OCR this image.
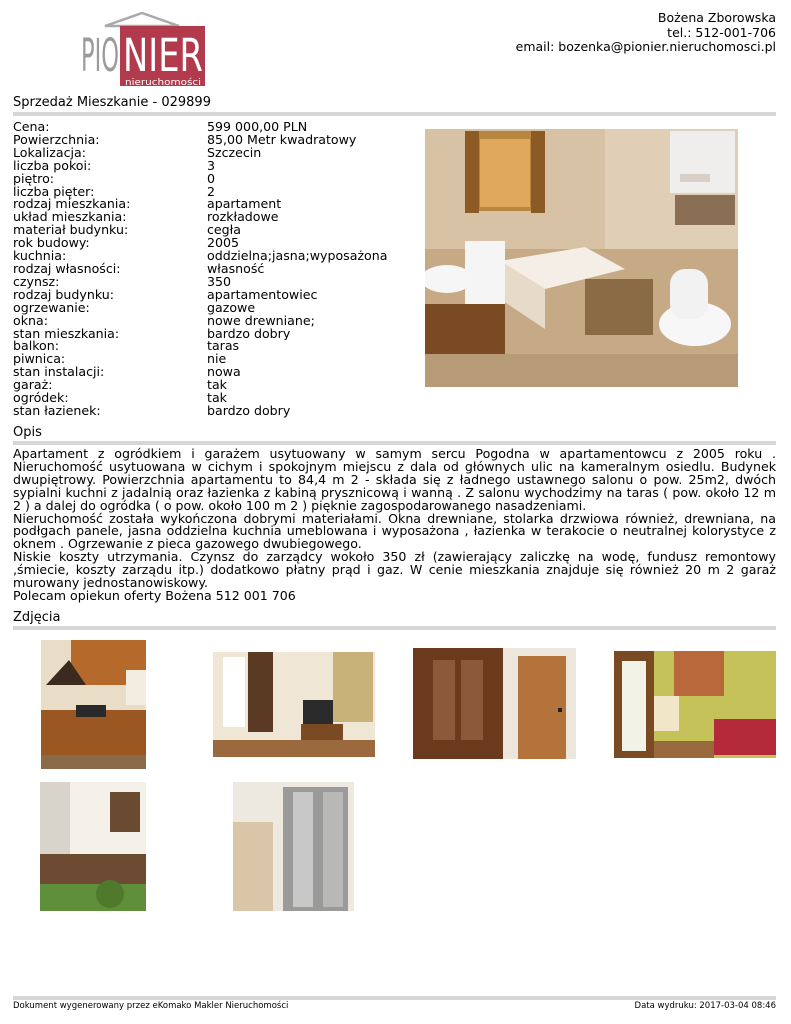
PIO NIER
nieruchomości
Bożena Zborowska
tel.: 512-001-706
email: bozenka@pionier.nieruchomosci.pl
Sprzedaż Mieszkanie - 029899
Cena:	599 000,00 PLN
Powierzchnia:	85,00 Metr kwadratowy
Lokalizacja:	Szczecin
liczba pokoi:	3
piętro:	0
liczba pięter:	2
rodzaj mieszkania:	apartament
układ mieszkania:	rozkładowe
materiał budynku:	cegła
rok budowy:	2005
kuchnia:	oddzielna;jasna;wyposażona
rodzaj własności:	własność
czynsz:	350
rodzaj budynku:	apartamentowiec
ogrzewanie:	gazowe
okna:	nowe drewniane;
stan mieszkania:	bardzo dobry
balkon:	taras
piwnica:	nie
stan instalacji:	nowa
garaż:	tak
ogródek:	tak
stan łazienek:	bardzo dobry
Opis

Apartament z ogródkiem i garażem usytuowany w samym sercu Pogodna w apartamentowcu z 2005 roku . Nieruchomość usytuowana w cichym i spokojnym miejscu z dala od głównych ulic na kameralnym osiedlu. Budynek dwupiętrowy. Powierzchnia apartamentu to 84,4 m 2 - składa się z ładnego ustawnego salonu o pow. 25m2, dwóch sypialni kuchni z jadalnią oraz łazienka z kabiną prysznicową i wanną . Z salonu wychodzimy na taras ( pow. około 12 m 2 ) a dalej do ogródka ( o pow. około 100 m 2 ) pięknie zagospodarowanego nasadzeniami.

Nieruchomość została wykończona dobrymi materiałami. Okna drewniane, stolarka drzwiowa również, drewniana, na podłgach panele, jasna oddzielna kuchnia umeblowana i wyposażona , łazienka w terakocie o neutralnej kolorystyce z oknem . Ogrzewanie z pieca gazowego dwubiegowego.

Niskie koszty utrzymania. Czynsz do zarządcy wokoło 350 zł (zawierający zaliczkę na wodę, fundusz remontowy ,śmiecie, koszty zarządu itp.) dodatkowo płatny prąd i gaz. W cenie mieszkania znajduje się również 20 m 2 garaż murowany jednostanowiskowy.

Polecam opiekun oferty Bożena 512 001 706

Zdjęcia
Dokument wygenerowany przez eKomako Makler Nieruchomości	Data wydruku: 2017-03-04 08:46
